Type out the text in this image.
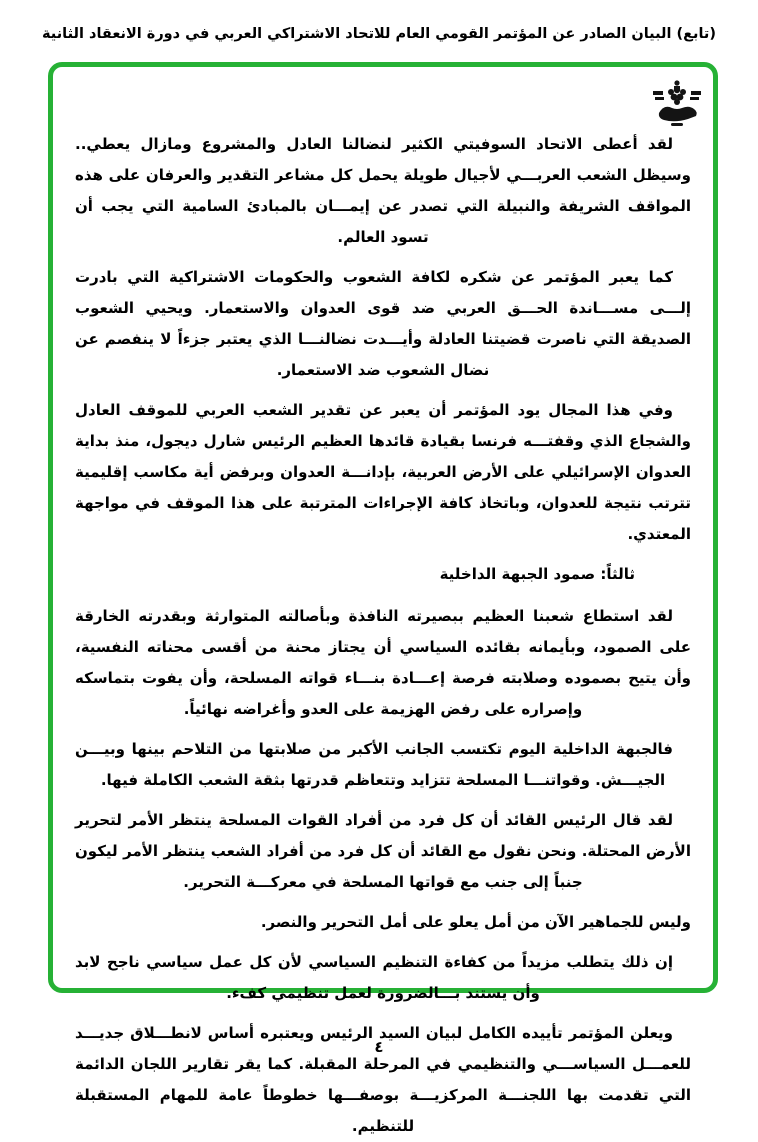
(تابع) البيان الصادر عن المؤتمر القومي العام للاتحاد الاشتراكي العربي في دورة الانعقاد الثانية

لقد أعطى الاتحاد السوفيتي الكثير لنضالنا العادل والمشروع ومازال يعطي.. وسيظل الشعب العربـــي لأجيال طويلة يحمل كل مشاعر التقدير والعرفان على هذه المواقف الشريفة والنبيلة التي تصدر عن إيمـــان بالمبادئ السامية التي يجب أن تسود العالم.

كما يعبر المؤتمر عن شكره لكافة الشعوب والحكومات الاشتراكية التي بادرت إلـــى مســـاندة الحـــق العربي ضد قوى العدوان والاستعمار. ويحيي الشعوب الصديقة التي ناصرت قضيتنا العادلة وأيـــدت نضالنـــا الذي يعتبر جزءاً لا ينفصم عن نضال الشعوب ضد الاستعمار.

وفي هذا المجال يود المؤتمر أن يعبر عن تقدير الشعب العربي للموقف العادل والشجاع الذي وقفتـــه فرنسا بقيادة قائدها العظيم الرئيس شارل ديجول، منذ بداية العدوان الإسرائيلي على الأرض العربية، بإدانـــة العدوان وبرفض أية مكاسب إقليمية تترتب نتيجة للعدوان، وباتخاذ كافة الإجراءات المترتبة على هذا الموقف في مواجهة المعتدي.

ثالثاً: صمود الجبهة الداخلية

لقد استطاع شعبنا العظيم ببصيرته النافذة وبأصالته المتوارثة وبقدرته الخارقة على الصمود، وبأيمانه بقائده السياسي أن يجتاز محنة من أقسى محناته النفسية، وأن يتيح بصموده وصلابته فرصة إعـــادة بنـــاء قواته المسلحة، وأن يفوت بتماسكه وإصراره على رفض الهزيمة على العدو وأغراضه نهائياً.

فالجبهة الداخلية اليوم تكتسب الجانب الأكبر من صلابتها من التلاحم بينها وبيـــن الجيـــش. وقواتنـــا المسلحة تتزايد وتتعاظم قدرتها بثقة الشعب الكاملة فيها.

لقد قال الرئيس القائد أن كل فرد من أفراد القوات المسلحة ينتظر الأمر لتحرير الأرض المحتلة. ونحن نقول مع القائد أن كل فرد من أفراد الشعب ينتظر الأمر ليكون جنباً إلى جنب مع قواتها المسلحة في معركـــة التحرير.

وليس للجماهير الآن من أمل يعلو على أمل التحرير والنصر.

إن ذلك يتطلب مزيداً من كفاءة التنظيم السياسي لأن كل عمل سياسي ناجح لابد وأن يستند بـــالضرورة لعمل تنظيمي كفء.

ويعلن المؤتمر تأييده الكامل لبيان السيد الرئيس ويعتبره أساس لانطـــلاق جديـــد للعمـــل السياســـي والتنظيمي في المرحلة المقبلة. كما يقر تقارير اللجان الدائمة التي تقدمت بها اللجنـــة المركزيـــة بوصفـــها خطوطاً عامة للمهام المستقبلة للتنظيم.

٤
